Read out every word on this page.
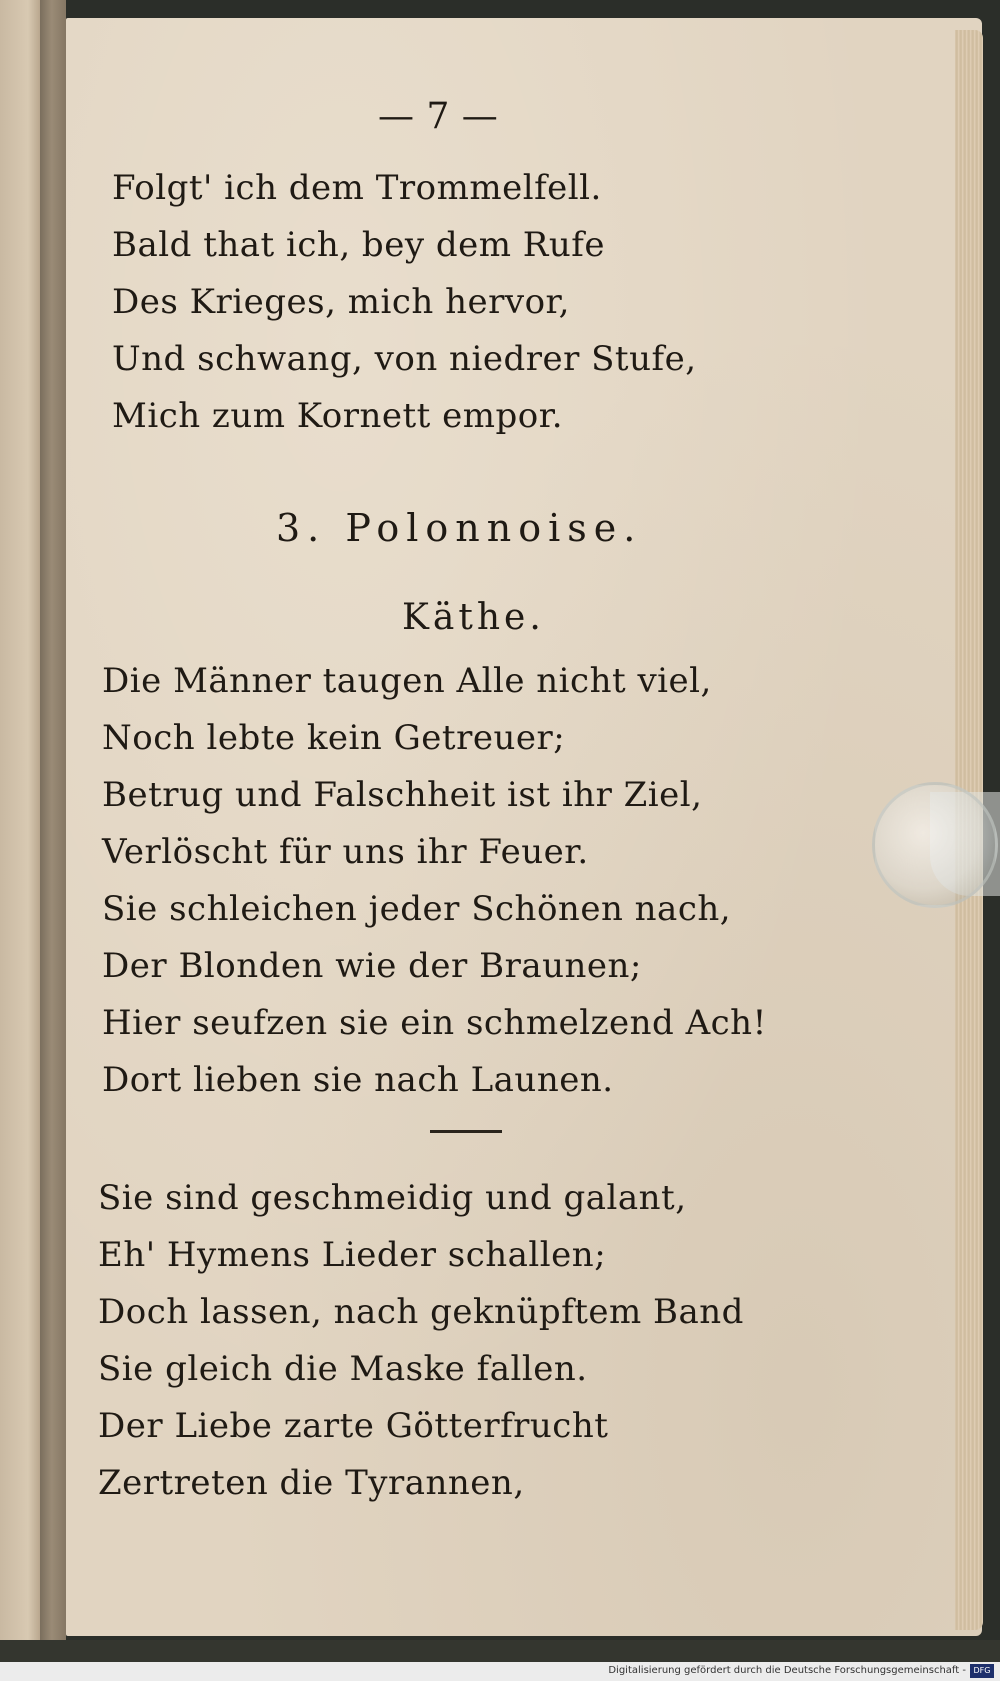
— 7 —
Folgt' ich dem Trommelfell.
Bald that ich, bey dem Rufe
Des Krieges, mich hervor,
Und schwang, von niedrer Stufe,
Mich zum Kornett empor.
3. Polonnoise.
Käthe.
Die Männer taugen Alle nicht viel,
Noch lebte kein Getreuer;
Betrug und Falschheit ist ihr Ziel,
Verlöscht für uns ihr Feuer.
Sie schleichen jeder Schönen nach,
Der Blonden wie der Braunen;
Hier seufzen sie ein schmelzend Ach!
Dort lieben sie nach Launen.
Sie sind geschmeidig und galant,
Eh' Hymens Lieder schallen;
Doch lassen, nach geknüpftem Band
Sie gleich die Maske fallen.
Der Liebe zarte Götterfrucht
Zertreten die Tyrannen,
Digitalisierung gefördert durch die Deutsche Forschungsgemeinschaft - DFG
